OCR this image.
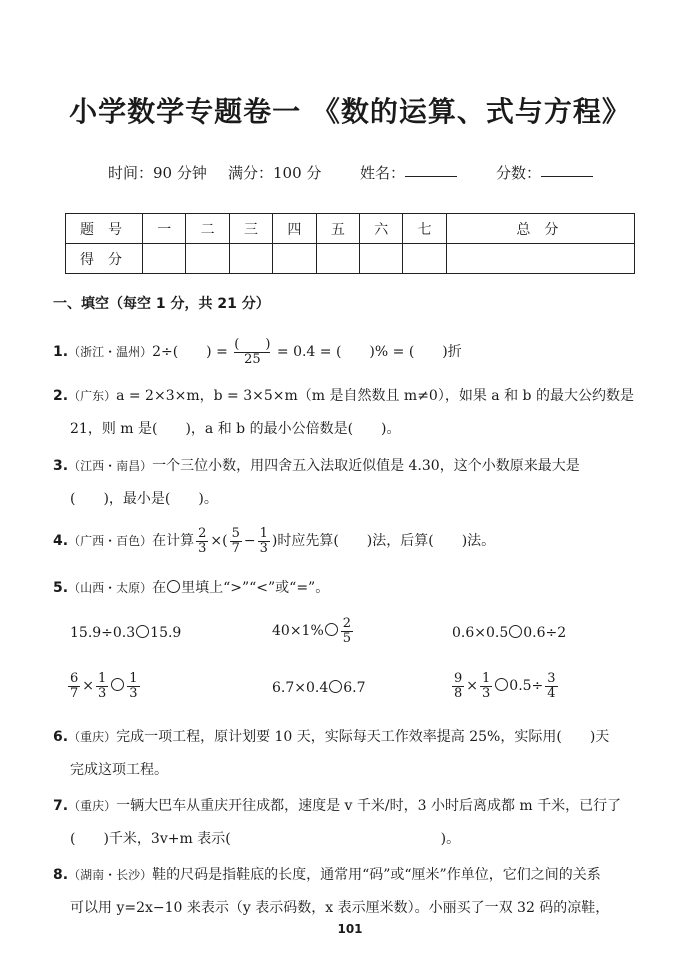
小学数学专题卷一 《数的运算、式与方程》
时间：90 分钟 满分：100 分	姓名：	分数：
题号	一	二	三	四	五	六	七	总分
得分								
一、填空（每空 1 分，共 21 分）
1.（浙江・温州）2÷(　　) = $\frac{( )}{25} = 0.4$ = (　　)% = (　　)折
2.（广东）a = 2×3×m，b = 3×5×m（m 是自然数且 m≠0），如果 a 和 b 的最大公约数是
21，则 m 是(　　)，a 和 b 的最小公倍数是(　　)。
3.（江西・南昌）一个三位小数，用四舍五入法取近似值是 4.30，这个小数原来最大是
(　　)，最小是(　　)。
4.（广西・百色）在计算 $\frac{2}{3}$ ×( $\frac{5}{7} - \frac{1}{3}$ )时应先算(　　)法，后算(　　)法。
5.（山西・太原）在 里填上“>”“<”或“=”。
15.9÷0.3 15.9	$40\times 1\% \frac{2}{5}$	0.6×0.5 0.6÷2
$\frac{6}{7} \times \frac{1}{3} \frac{1}{3}$	6.7×0.4 6.7	$\frac{9}{8} \times \frac{1}{3} 0.5\div \frac{3}{4}$
6.（重庆）完成一项工程，原计划要 10 天，实际每天工作效率提高 25%，实际用(　　)天
完成这项工程。
7.（重庆）一辆大巴车从重庆开往成都，速度是 v 千米/时，3 小时后离成都 m 千米，已行了
(　　)千米，3v+m 表示(　　　　　　　　　　　　　　　)。
8.（湖南・长沙）鞋的尺码是指鞋底的长度，通常用“码”或“厘米”作单位，它们之间的关系
可以用 y=2x−10 来表示（y 表示码数，x 表示厘米数）。小丽买了一双 32 码的凉鞋，
101
